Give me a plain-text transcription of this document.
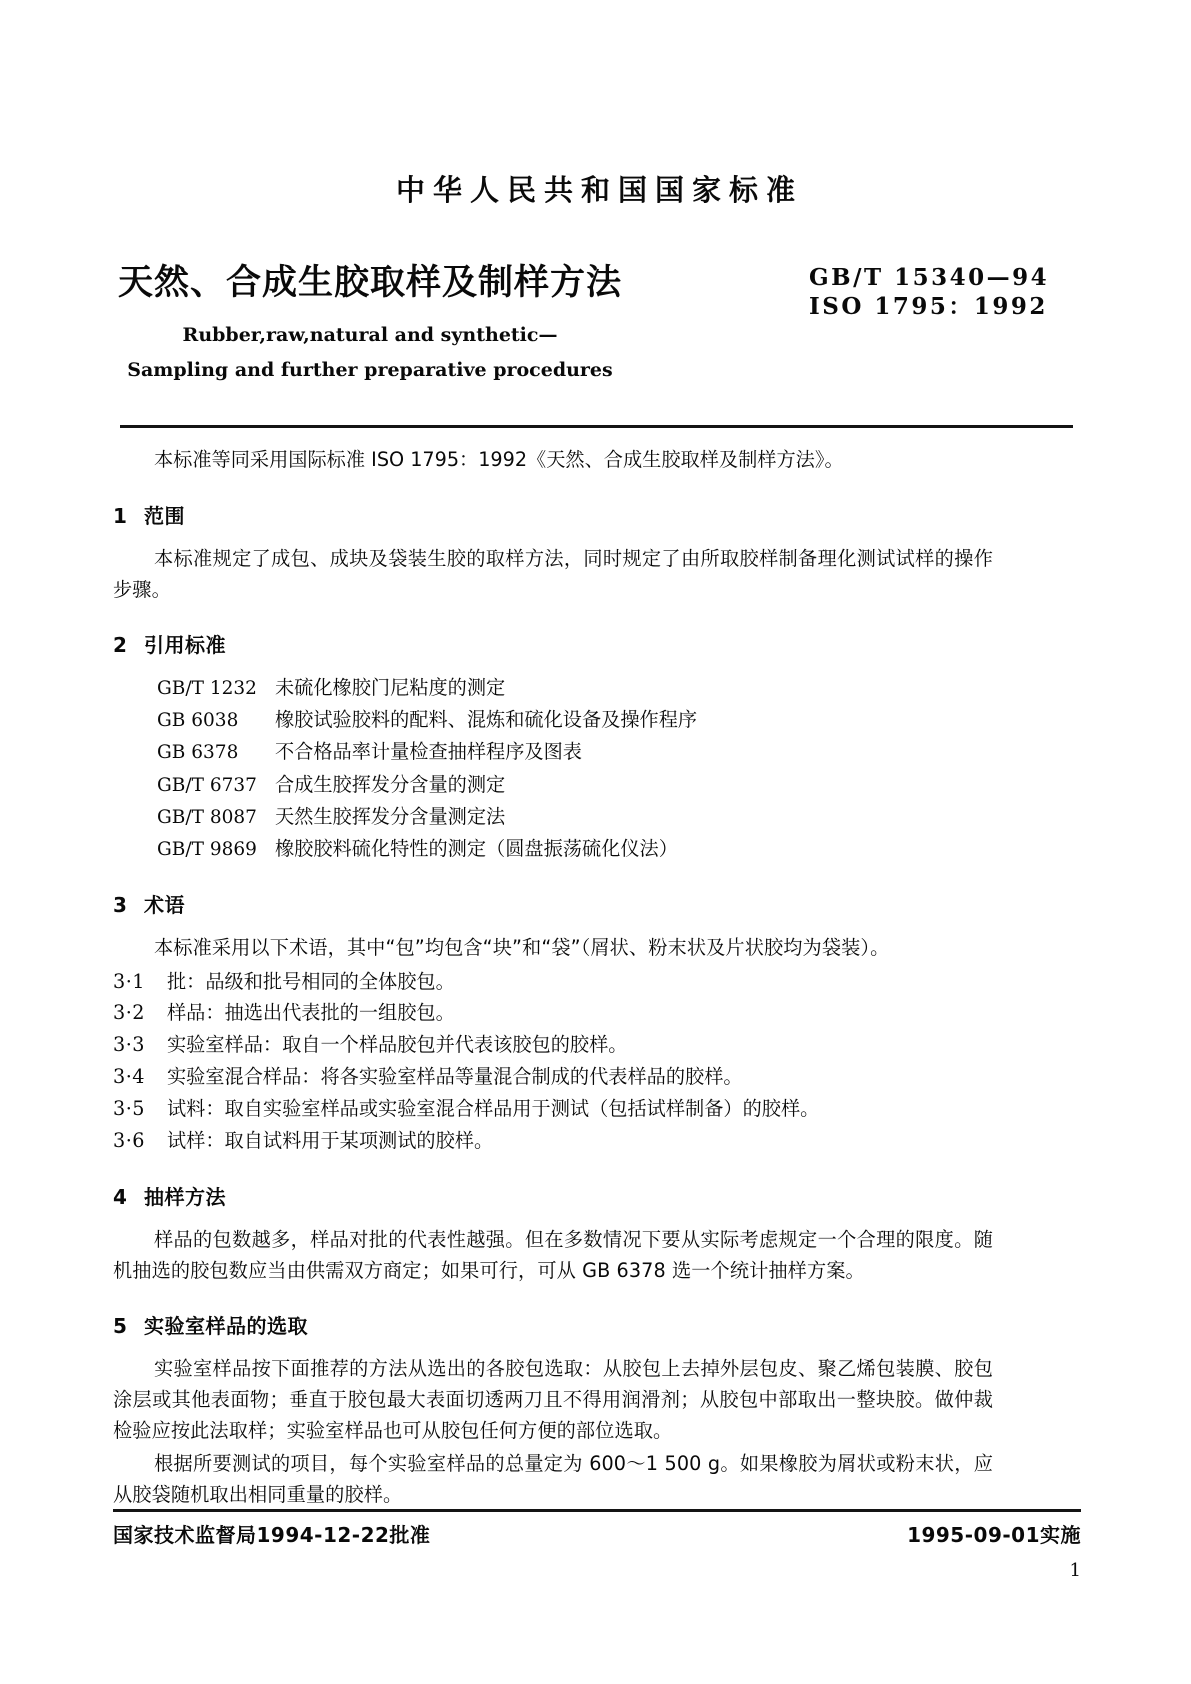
中华人民共和国国家标准
天然、合成生胶取样及制样方法	GB/T 15340—94
ISO 1795：1992
Rubber,raw,natural and synthetic—
Sampling and further preparative procedures

本标准等同采用国际标准 ISO 1795：1992《天然、合成生胶取样及制样方法》。

1 范围

本标准规定了成包、成块及袋装生胶的取样方法，同时规定了由所取胶样制备理化测试试样的操作步骤。

2 引用标准
GB/T 1232 未硫化橡胶门尼粘度的测定
GB 6038 橡胶试验胶料的配料、混炼和硫化设备及操作程序
GB 6378 不合格品率计量检查抽样程序及图表
GB/T 6737 合成生胶挥发分含量的测定
GB/T 8087 天然生胶挥发分含量测定法
GB/T 9869 橡胶胶料硫化特性的测定（圆盘振荡硫化仪法）
3 术语

本标准采用以下术语，其中“包”均包含“块”和“袋”（屑状、粉末状及片状胶均为袋装）。

3·1	批：品级和批号相同的全体胶包。
3·2	样品：抽选出代表批的一组胶包。
3·3	实验室样品：取自一个样品胶包并代表该胶包的胶样。
3·4	实验室混合样品：将各实验室样品等量混合制成的代表样品的胶样。
3·5	试料：取自实验室样品或实验室混合样品用于测试（包括试样制备）的胶样。
3·6	试样：取自试料用于某项测试的胶样。
4 抽样方法

样品的包数越多，样品对批的代表性越强。但在多数情况下要从实际考虑规定一个合理的限度。随机抽选的胶包数应当由供需双方商定；如果可行，可从 GB 6378 选一个统计抽样方案。

5 实验室样品的选取

实验室样品按下面推荐的方法从选出的各胶包选取：从胶包上去掉外层包皮、聚乙烯包装膜、胶包涂层或其他表面物；垂直于胶包最大表面切透两刀且不得用润滑剂；从胶包中部取出一整块胶。做仲裁检验应按此法取样；实验室样品也可从胶包任何方便的部位选取。

根据所要测试的项目，每个实验室样品的总量定为 600～1 500 g。如果橡胶为屑状或粉末状，应从胶袋随机取出相同重量的胶样。

国家技术监督局1994-12-22批准	1995-09-01实施
1
